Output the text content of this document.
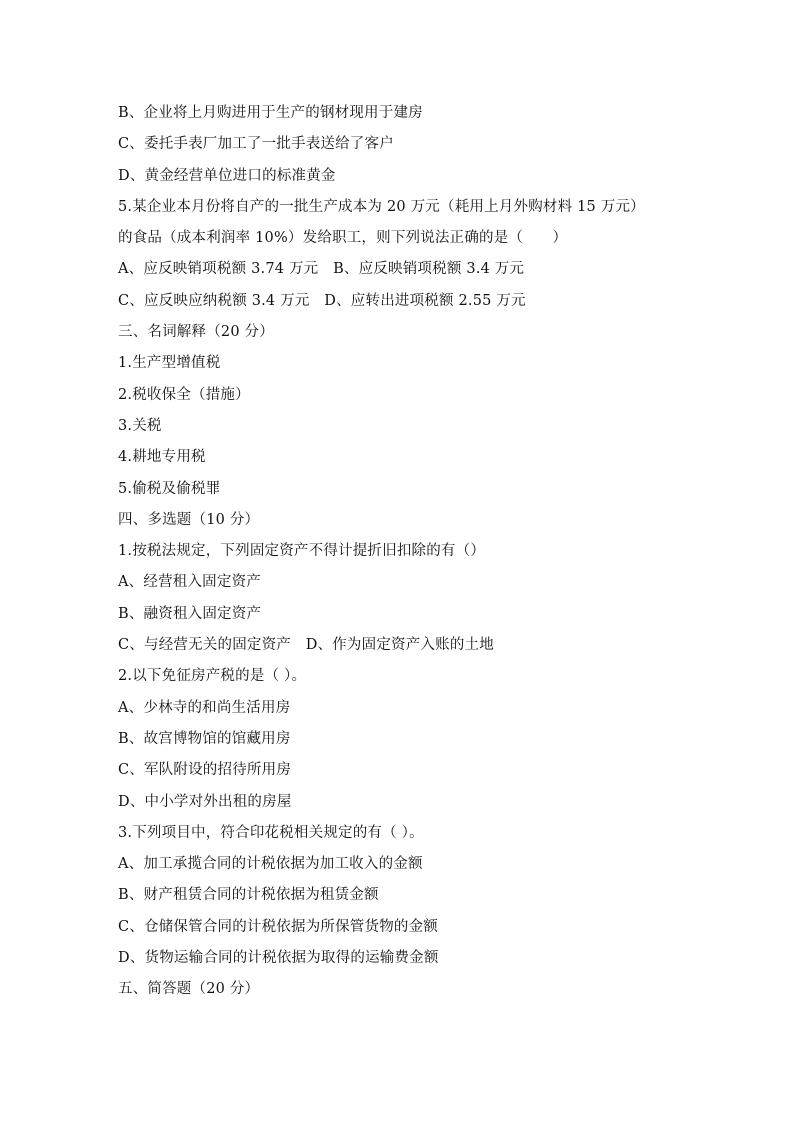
B、企业将上月购进用于生产的钢材现用于建房
C、委托手表厂加工了一批手表送给了客户
D、黄金经营单位进口的标准黄金
5.某企业本月份将自产的一批生产成本为 20 万元（耗用上月外购材料 15 万元）
的食品（成本利润率 10%）发给职工，则下列说法正确的是（　　）
A、应反映销项税额 3.74 万元　B、应反映销项税额 3.4 万元
C、应反映应纳税额 3.4 万元　D、应转出进项税额 2.55 万元
三、名词解释（20 分）
1.生产型增值税
2.税收保全（措施）
3.关税
4.耕地专用税
5.偷税及偷税罪
四、多选题（10 分）
1.按税法规定，下列固定资产不得计提折旧扣除的有（）
A、经营租入固定资产
B、融资租入固定资产
C、与经营无关的固定资产　D、作为固定资产入账的土地
2.以下免征房产税的是（ ）。
A、少林寺的和尚生活用房
B、故宫博物馆的馆藏用房
C、军队附设的招待所用房
D、中小学对外出租的房屋
3.下列项目中，符合印花税相关规定的有（ ）。
A、加工承揽合同的计税依据为加工收入的金额
B、财产租赁合同的计税依据为租赁金额
C、仓储保管合同的计税依据为所保管货物的金额
D、货物运输合同的计税依据为取得的运输费金额
五、简答题（20 分）
